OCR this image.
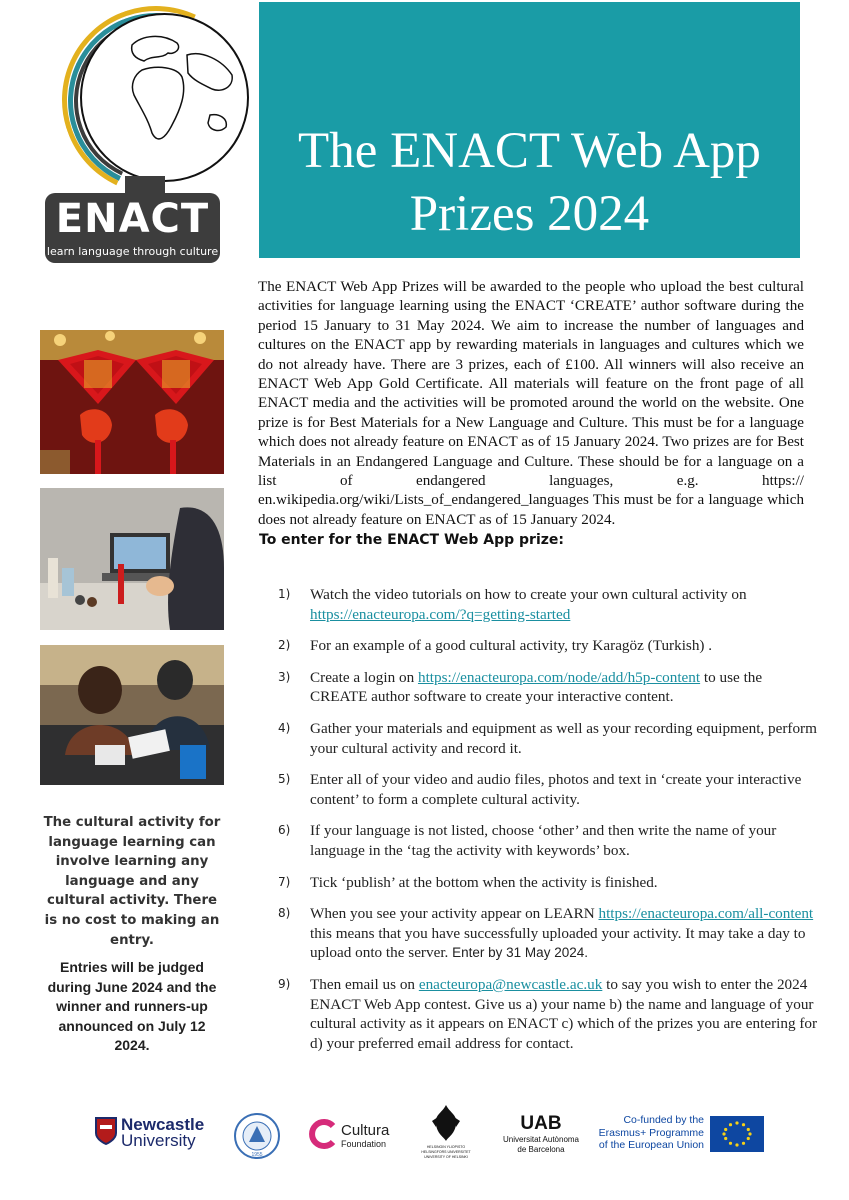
ENACT
learn language through culture
The ENACT Web App Prizes 2024
The ENACT Web App Prizes will be awarded to the people who upload the best cultural activities for language learning using the ENACT ‘CREATE’ author software during the period 15 January to 31 May 2024. We aim to increase the number of languages and cultures on the ENACT app by rewarding materials in languages and cultures which we do not already have. There are 3 prizes, each of £100. All winners will also receive an ENACT Web App Gold Certificate. All materials will feature on the front page of all ENACT media and the activities will be promoted around the world on the website. One prize is for Best Materials for a New Language and Culture. This must be for a language which does not already feature on ENACT as of 15 January 2024. Two prizes are for Best Materials in an Endangered Language and Culture. These should be for a language on a list of endangered languages, e.g. https:// en.wikipedia.org/wiki/Lists_of_endangered_languages This must be for a language which does not already feature on ENACT as of 15 January 2024.
To enter for the ENACT Web App prize:
1) Watch the video tutorials on how to create your own cultural activity on https://enacteuropa.com/?q=getting-started
2) For an example of a good cultural activity, try Karagöz (Turkish) .
3) Create a login on https://enacteuropa.com/node/add/h5p-content to use the CREATE author software to create your interactive content.
4) Gather your materials and equipment as well as your recording equipment, perform your cultural activity and record it.
5) Enter all of your video and audio files, photos and text in ‘create your interactive content’ to form a complete cultural activity.
6) If your language is not listed, choose ‘other’ and then write the name of your language in the ‘tag the activity with keywords’ box.
7) Tick ‘publish’ at the bottom when the activity is finished.
8) When you see your activity appear on LEARN https://enacteuropa.com/all-content this means that you have successfully uploaded your activity. It may take a day to upload onto the server. Enter by 31 May 2024.
9) Then email us on enacteuropa@newcastle.ac.uk to say you wish to enter the 2024 ENACT Web App contest. Give us a) your name b) the name and language of your cultural activity as it appears on ENACT c) which of the prizes you are entering for d) your preferred email address for contact.
The cultural activity for language learning can involve learning any language and any cultural activity. There is no cost to making an entry.
Entries will be judged during June 2024 and the winner and runners-up announced on July 12 2024.
Newcastle
University
1955
Cultura
Foundation	HELSINGIN YLIOPISTO HELSINGFORS UNIVERSITET UNIVERSITY OF HELSINKI
UAB
Universitat Autònoma
de Barcelona
Co-funded by the
Erasmus+ Programme
of the European Union
